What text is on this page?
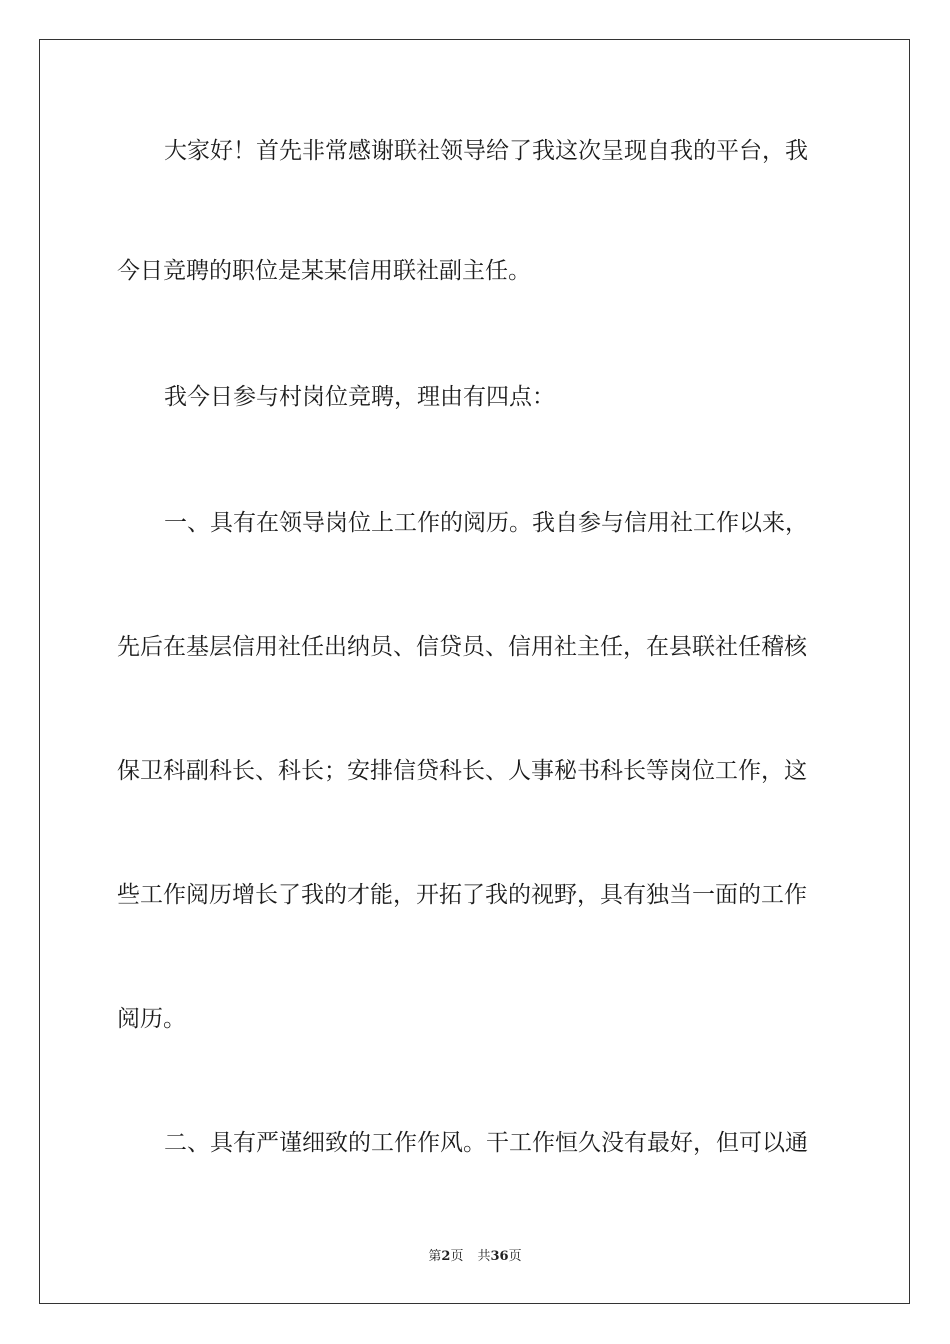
大家好！首先非常感谢联社领导给了我这次呈现自我的平台，我
今日竞聘的职位是某某信用联社副主任。
我今日参与村岗位竞聘，理由有四点：
一、具有在领导岗位上工作的阅历。我自参与信用社工作以来，
先后在基层信用社任出纳员、信贷员、信用社主任，在县联社任稽核
保卫科副科长、科长；安排信贷科长、人事秘书科长等岗位工作，这
些工作阅历增长了我的才能，开拓了我的视野，具有独当一面的工作
阅历。
二、具有严谨细致的工作作风。干工作恒久没有最好，但可以通
第2页 共36页
